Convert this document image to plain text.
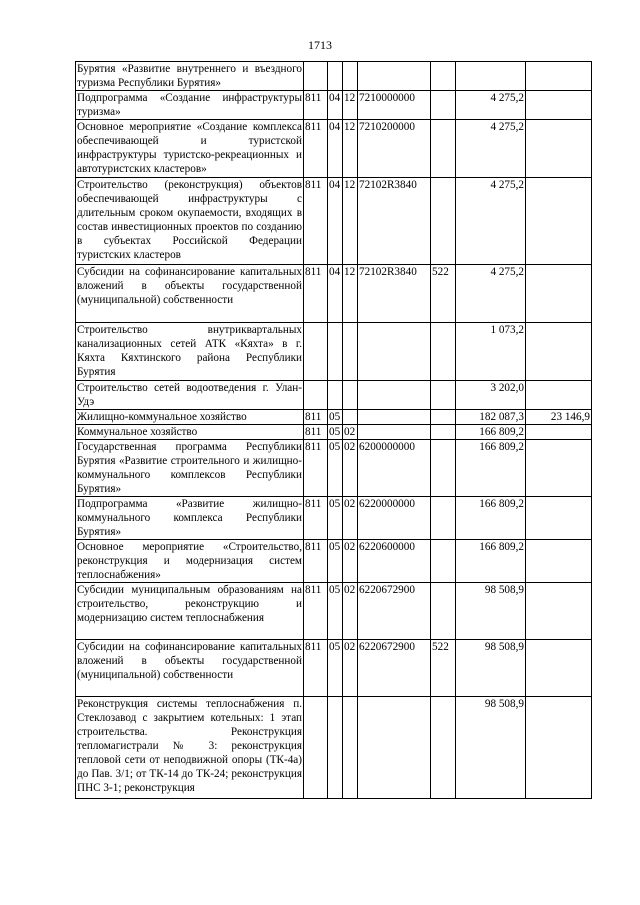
1713
Бурятия «Развитие внутреннего и въездного туризма Республики Бурятия»							
Подпрограмма «Создание инфраструктуры туризма»	811	04	12	7210000000		4 275,2	
Основное мероприятие «Создание комплекса обеспечивающей и туристской инфраструктуры туристско-рекреационных и автотуристских кластеров»	811	04	12	7210200000		4 275,2	
Строительство (реконструкция) объектов обеспечивающей инфраструктуры с длительным сроком окупаемости, входящих в состав инвестиционных проектов по созданию в субъектах Российской Федерации туристских кластеров	811	04	12	72102R3840		4 275,2	
Субсидии на софинансирование капитальных вложений в объекты государственной (муниципальной) собственности	811	04	12	72102R3840	522	4 275,2	
Строительство внутриквартальных канализационных сетей АТК «Кяхта» в г. Кяхта Кяхтинского района Республики Бурятия						1 073,2	
Строительство сетей водоотведения г. Улан-Удэ						3 202,0	
Жилищно-коммунальное хозяйство	811	05				182 087,3	23 146,9
Коммунальное хозяйство	811	05	02			166 809,2	
Государственная программа Республики Бурятия «Развитие строительного и жилищно-коммунального комплексов Республики Бурятия»	811	05	02	6200000000		166 809,2	
Подпрограмма «Развитие жилищно-коммунального комплекса Республики Бурятия»	811	05	02	6220000000		166 809,2	
Основное мероприятие «Строительство, реконструкция и модернизация систем теплоснабжения»	811	05	02	6220600000		166 809,2	
Субсидии муниципальным образованиям на строительство, реконструкцию и модернизацию систем теплоснабжения	811	05	02	6220672900		98 508,9	
Субсидии на софинансирование капитальных вложений в объекты государственной (муниципальной) собственности	811	05	02	6220672900	522	98 508,9	
Реконструкция системы теплоснабжения п. Стеклозавод с закрытием котельных: 1 этап строительства. Реконструкция тепломагистрали № 3: реконструкция тепловой сети от неподвижной опоры (ТК-4а) до Пав. 3/1; от ТК-14 до ТК-24; реконструкция ПНС 3-1; реконструкция						98 508,9	
